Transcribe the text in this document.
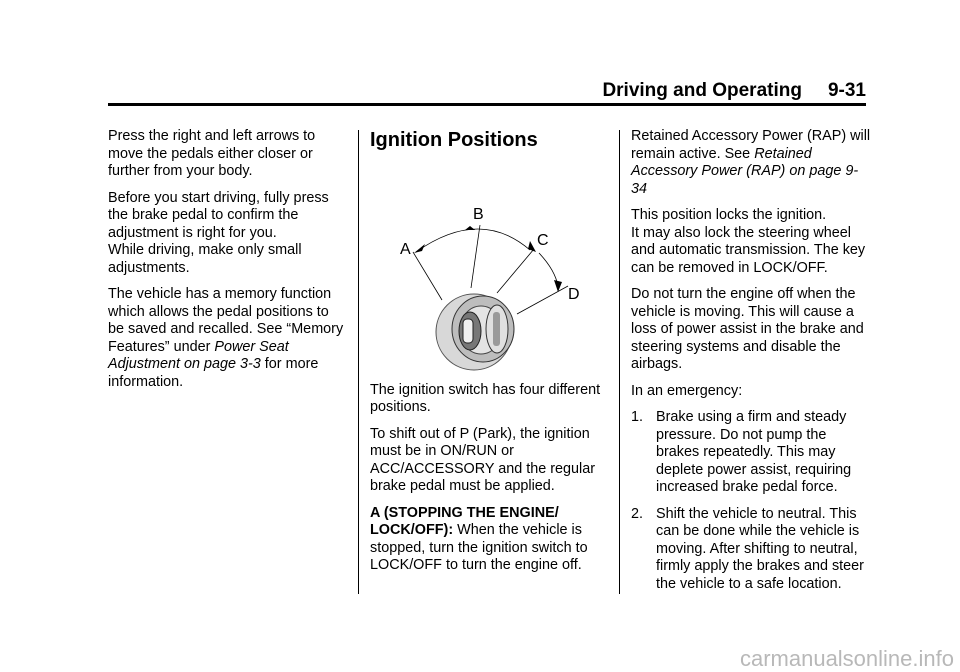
Driving and Operating 9-31

Press the right and left arrows to move the pedals either closer or further from your body.

Before you start driving, fully press the brake pedal to confirm the adjustment is right for you.
While driving, make only small adjustments.

The vehicle has a memory function which allows the pedal positions to be saved and recalled. See “Memory Features” under Power Seat Adjustment on page 3-3 for more information.

Ignition Positions
A
B
C
D

The ignition switch has four different positions.

To shift out of P (Park), the ignition must be in ON/RUN or ACC/ACCESSORY and the regular brake pedal must be applied.

A (STOPPING THE ENGINE/ LOCK/OFF): When the vehicle is stopped, turn the ignition switch to LOCK/OFF to turn the engine off.

Retained Accessory Power (RAP) will remain active. See Retained Accessory Power (RAP) on page 9-34

This position locks the ignition.
It may also lock the steering wheel and automatic transmission. The key can be removed in LOCK/OFF.

Do not turn the engine off when the vehicle is moving. This will cause a loss of power assist in the brake and steering systems and disable the airbags.

In an emergency:

1. Brake using a firm and steady pressure. Do not pump the brakes repeatedly. This may deplete power assist, requiring increased brake pedal force.
2. Shift the vehicle to neutral. This can be done while the vehicle is moving. After shifting to neutral, firmly apply the brakes and steer the vehicle to a safe location.
carmanualsonline.info
